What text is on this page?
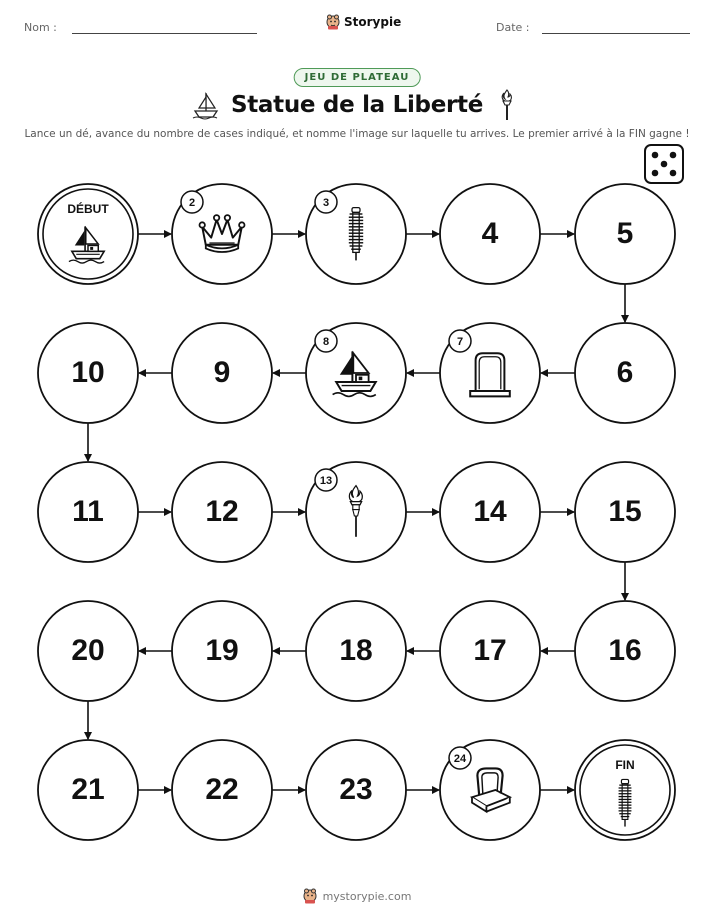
Nom :	Storypie	Date :
JEU DE PLATEAU
Statue de la Liberté
Lance un dé, avance du nombre de cases indiqué, et nomme l'image sur laquelle tu arrives. Le premier arrivé à la FIN gagne !
DÉBUT	2	3
4	5
6
7
8
9
10
11	12
13
14	15
16
17
18
19
20
21	22	23
24	FIN
mystorypie.com
